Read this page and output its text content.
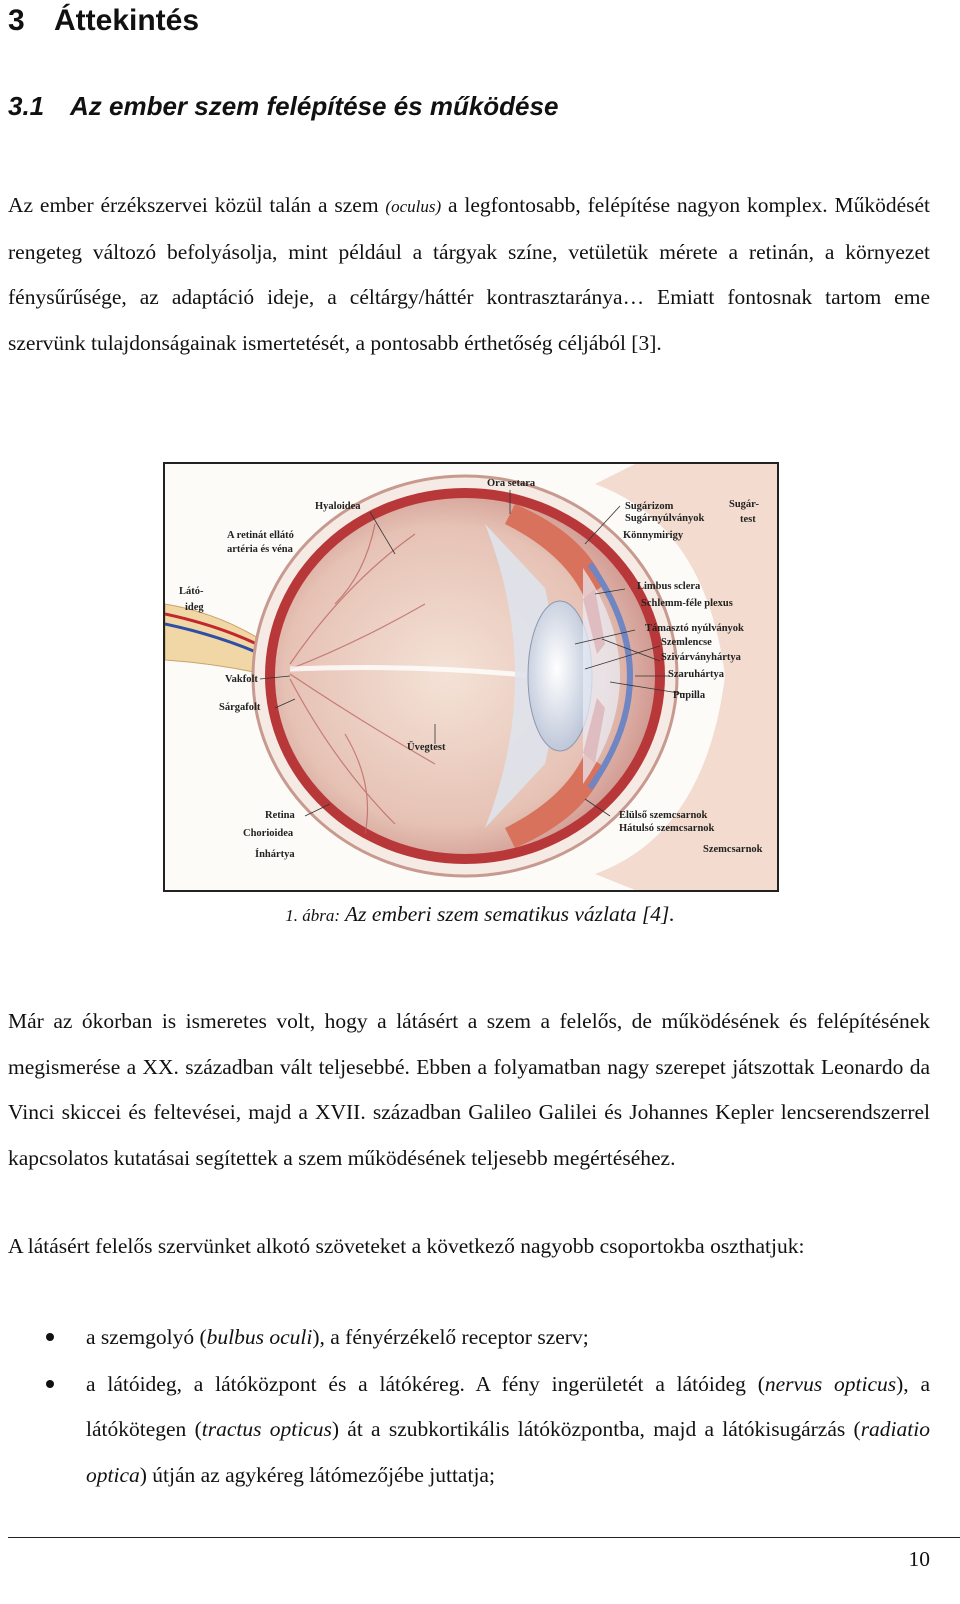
3 Áttekintés
3.1 Az ember szem felépítése és működése

Az ember érzékszervei közül talán a szem (oculus) a legfontosabb, felépítése nagyon komplex. Működését rengeteg változó befolyásolja, mint például a tárgyak színe, vetületük mérete a retinán, a környezet fénysűrűsége, az adaptáció ideje, a céltárgy/háttér kontrasztaránya… Emiatt fontosnak tartom eme szervünk tulajdonságainak ismertetését, a pontosabb érthetőség céljából [3].

Ora setara
Hyaloidea	Sugárizom
Sugárnyúlványok
Sugár-
test
Könnymirigy
A retinát ellátó
artéria és véna
Látó-
ideg
Limbus sclera
Schlemm-féle plexus
Támasztó nyúlványok
Szemlencse
Szivárványhártya
Szaruhártya
Pupilla
Vakfolt
Sárgafolt
Üvegtest
Retina
Chorioidea
Ínhártya
Elülső szemcsarnok
Hátulsó szemcsarnok
Szemcsarnok

1. ábra: Az emberi szem sematikus vázlata [4].

Már az ókorban is ismeretes volt, hogy a látásért a szem a felelős, de működésének és felépítésének megismerése a XX. században vált teljesebbé. Ebben a folyamatban nagy szerepet játszottak Leonardo da Vinci skiccei és feltevései, majd a XVII. században Galileo Galilei és Johannes Kepler lencserendszerrel kapcsolatos kutatásai segítettek a szem működésének teljesebb megértéséhez.

A látásért felelős szervünket alkotó szöveteket a következő nagyobb csoportokba oszthatjuk:

a szemgolyó (bulbus oculi), a fényérzékelő receptor szerv;
a látóideg, a látóközpont és a látókéreg. A fény ingerületét a látóideg (nervus opticus), a látókötegen (tractus opticus) át a szubkortikális látóközpontba, majd a látókisugárzás (radiatio optica) útján az agykéreg látómezőjébe juttatja;
10
